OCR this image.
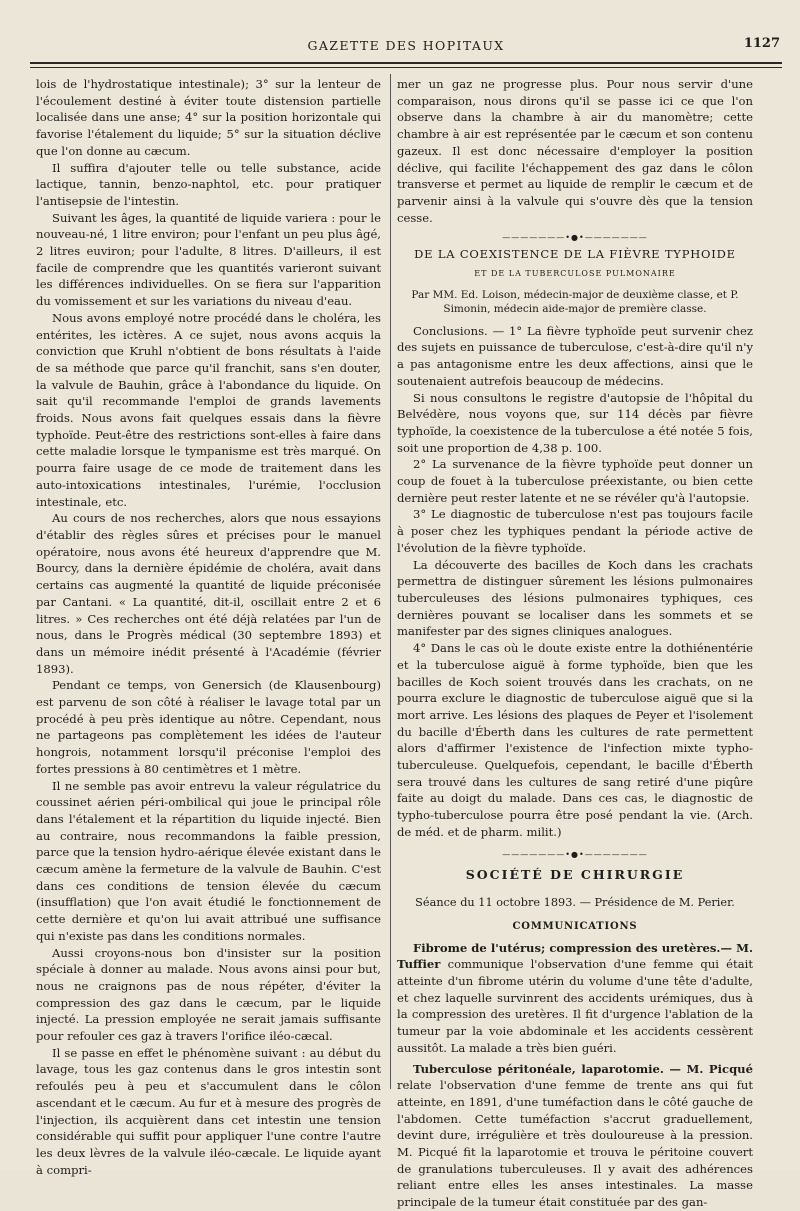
GAZETTE DES HOPITAUX	1127

lois de l'hydrostatique intestinale); 3° sur la lenteur de l'écoulement destiné à éviter toute distension partielle localisée dans une anse; 4° sur la position horizontale qui favorise l'étalement du liquide; 5° sur la situation déclive que l'on donne au cæcum.

Il suffira d'ajouter telle ou telle substance, acide lactique, tannin, benzo-naphtol, etc. pour pratiquer l'antisepsie de l'intestin.

Suivant les âges, la quantité de liquide variera : pour le nouveau-né, 1 litre environ; pour l'enfant un peu plus âgé, 2 litres euviron; pour l'adulte, 8 litres. D'ailleurs, il est facile de comprendre que les quantités varieront suivant les différences individuelles. On se fiera sur l'apparition du vomissement et sur les variations du niveau d'eau.

Nous avons employé notre procédé dans le choléra, les entérites, les ictères. A ce sujet, nous avons acquis la conviction que Kruhl n'obtient de bons résultats à l'aide de sa méthode que parce qu'il franchit, sans s'en douter, la valvule de Bauhin, grâce à l'abondance du liquide. On sait qu'il recommande l'emploi de grands lavements froids. Nous avons fait quelques essais dans la fièvre typhoïde. Peut-être des restrictions sont-elles à faire dans cette maladie lorsque le tympanisme est très marqué. On pourra faire usage de ce mode de traitement dans les auto-intoxications intestinales, l'urémie, l'occlusion intestinale, etc.

Au cours de nos recherches, alors que nous essayions d'établir des règles sûres et précises pour le manuel opératoire, nous avons été heureux d'apprendre que M. Bourcy, dans la dernière épidémie de choléra, avait dans certains cas augmenté la quantité de liquide préconisée par Cantani. « La quantité, dit-il, oscillait entre 2 et 6 litres. » Ces recherches ont été déjà relatées par l'un de nous, dans le Progrès médical (30 septembre 1893) et dans un mémoire inédit présenté à l'Académie (février 1893).

Pendant ce temps, von Genersich (de Klausenbourg) est parvenu de son côté à réaliser le lavage total par un procédé à peu près identique au nôtre. Cependant, nous ne partageons pas complètement les idées de l'auteur hongrois, notamment lorsqu'il préconise l'emploi des fortes pressions à 80 centimètres et 1 mètre.

Il ne semble pas avoir entrevu la valeur régulatrice du coussinet aérien péri-ombilical qui joue le principal rôle dans l'étalement et la répartition du liquide injecté. Bien au contraire, nous recommandons la faible pression, parce que la tension hydro-aérique élevée existant dans le cæcum amène la fermeture de la valvule de Bauhin. C'est dans ces conditions de tension élevée du cæcum (insufflation) que l'on avait étudié le fonctionnement de cette dernière et qu'on lui avait attribué une suffisance qui n'existe pas dans les conditions normales.

Aussi croyons-nous bon d'insister sur la position spéciale à donner au malade. Nous avons ainsi pour but, nous ne craignons pas de nous répéter, d'éviter la compression des gaz dans le cæcum, par le liquide injecté. La pression employée ne serait jamais suffisante pour refouler ces gaz à travers l'orifice iléo-cæcal.

Il se passe en effet le phénomène suivant : au début du lavage, tous les gaz contenus dans le gros intestin sont refoulés peu à peu et s'accumulent dans le côlon ascendant et le cæcum. Au fur et à mesure des progrès de l'injection, ils acquièrent dans cet intestin une tension considérable qui suffit pour appliquer l'une contre l'autre les deux lèvres de la valvule iléo-cæcale. Le liquide ayant à compri-

mer un gaz ne progresse plus. Pour nous servir d'une comparaison, nous dirons qu'il se passe ici ce que l'on observe dans la chambre à air du manomètre; cette chambre à air est représentée par le cæcum et son contenu gazeux. Il est donc nécessaire d'employer la position déclive, qui facilite l'échappement des gaz dans le côlon transverse et permet au liquide de remplir le cæcum et de parvenir ainsi à la valvule qui s'ouvre dès que la tension cesse.

———————•●•———————
DE LA COEXISTENCE DE LA FIÈVRE TYPHOIDE
ET DE LA TUBERCULOSE PULMONAIRE
Par MM. Ed. Loison, médecin-major de deuxième classe, et P. Simonin, médecin aide-major de première classe.

Conclusions. — 1° La fièvre typhoïde peut survenir chez des sujets en puissance de tuberculose, c'est-à-dire qu'il n'y a pas antagonisme entre les deux affections, ainsi que le soutenaient autrefois beaucoup de médecins.

Si nous consultons le registre d'autopsie de l'hôpital du Belvédère, nous voyons que, sur 114 décès par fièvre typhoïde, la coexistence de la tuberculose a été notée 5 fois, soit une proportion de 4,38 p. 100.

2° La survenance de la fièvre typhoïde peut donner un coup de fouet à la tuberculose préexistante, ou bien cette dernière peut rester latente et ne se révéler qu'à l'autopsie.

3° Le diagnostic de tuberculose n'est pas toujours facile à poser chez les typhiques pendant la période active de l'évolution de la fièvre typhoïde.

La découverte des bacilles de Koch dans les crachats permettra de distinguer sûrement les lésions pulmonaires tuberculeuses des lésions pulmonaires typhiques, ces dernières pouvant se localiser dans les sommets et se manifester par des signes cliniques analogues.

4° Dans le cas où le doute existe entre la dothiénentérie et la tuberculose aiguë à forme typhoïde, bien que les bacilles de Koch soient trouvés dans les crachats, on ne pourra exclure le diagnostic de tuberculose aiguë que si la mort arrive. Les lésions des plaques de Peyer et l'isolement du bacille d'Éberth dans les cultures de rate permettent alors d'affirmer l'existence de l'infection mixte typho-tuberculeuse. Quelquefois, cependant, le bacille d'Éberth sera trouvé dans les cultures de sang retiré d'une piqûre faite au doigt du malade. Dans ces cas, le diagnostic de typho-tuberculose pourra être posé pendant la vie. (Arch. de méd. et de pharm. milit.)

———————•●•———————
SOCIÉTÉ DE CHIRURGIE
Séance du 11 octobre 1893. — Présidence de M. Perier.
COMMUNICATIONS

Fibrome de l'utérus; compression des uretères.— M. Tuffier communique l'observation d'une femme qui était atteinte d'un fibrome utérin du volume d'une tête d'adulte, et chez laquelle survinrent des accidents urémiques, dus à la compression des uretères. Il fit d'urgence l'ablation de la tumeur par la voie abdominale et les accidents cessèrent aussitôt. La malade a très bien guéri.

Tuberculose péritonéale, laparotomie. — M. Picqué relate l'observation d'une femme de trente ans qui fut atteinte, en 1891, d'une tuméfaction dans le côté gauche de l'abdomen. Cette tuméfaction s'accrut graduellement, devint dure, irrégulière et très douloureuse à la pression. M. Picqué fit la laparotomie et trouva le péritoine couvert de granulations tuberculeuses. Il y avait des adhérences reliant entre elles les anses intestinales. La masse principale de la tumeur était constituée par des gan-
